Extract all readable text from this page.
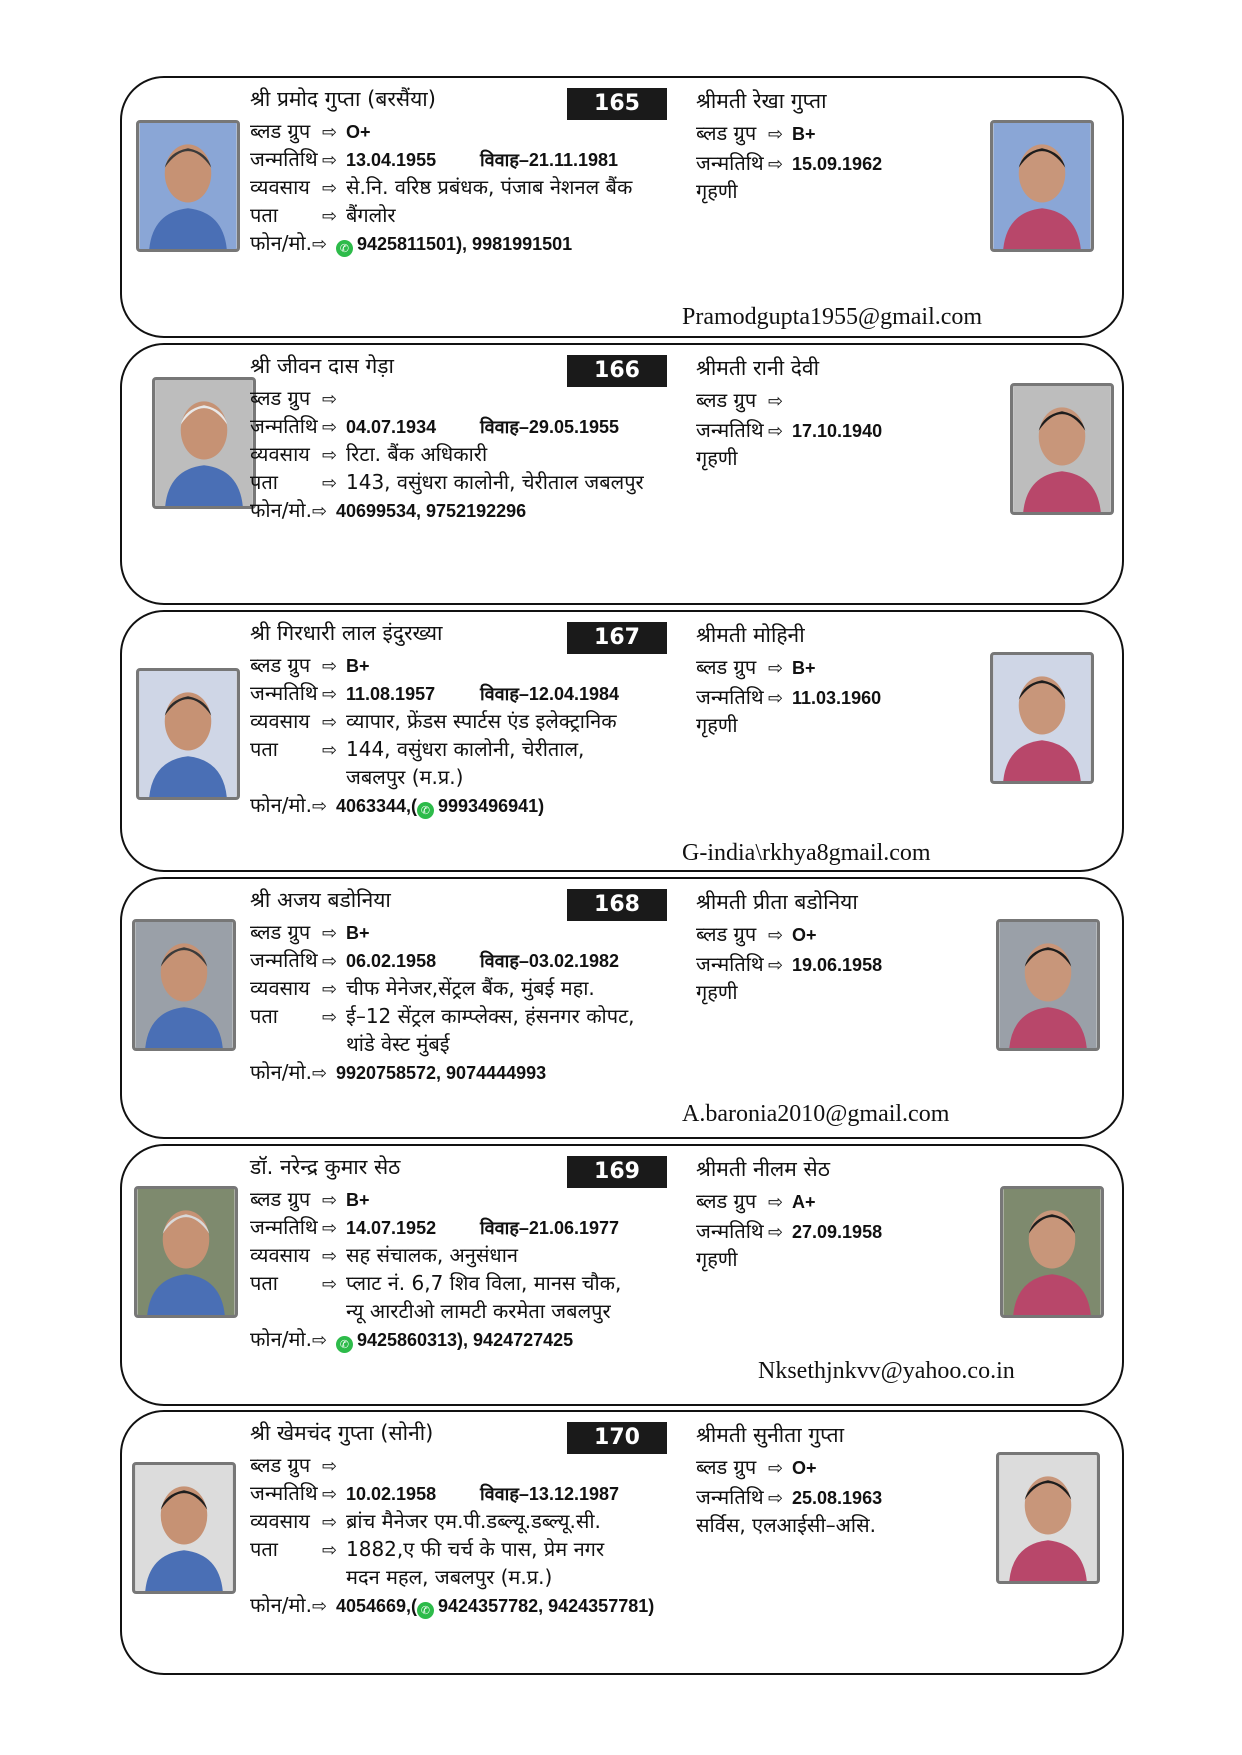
श्री प्रमोद गुप्ता (बरसैंया)	165
ब्लड ग्रुप ⇨ O+
जन्मतिथि ⇨ 13.04.1955 विवाह–21.11.1981
व्यवसाय ⇨ से.नि. वरिष्ठ प्रबंधक, पंजाब नेशनल बैंक
पता ⇨ बैंगलोर
फोन/मो.⇨ ✆ 9425811501), 9981991501
श्रीमती रेखा गुप्ता
ब्लड ग्रुप ⇨ B+
जन्मतिथि ⇨ 15.09.1962
गृहणी
Pramodgupta1955@gmail.com
श्री जीवन दास गेड़ा	166
ब्लड ग्रुप ⇨
जन्मतिथि ⇨ 04.07.1934 विवाह–29.05.1955
व्यवसाय ⇨ रिटा. बैंक अधिकारी
पता ⇨ 143, वसुंधरा कालोनी, चेरीताल जबलपुर
फोन/मो.⇨ 40699534, 9752192296
श्रीमती रानी देवी
ब्लड ग्रुप ⇨
जन्मतिथि ⇨ 17.10.1940
गृहणी
श्री गिरधारी लाल इंदुरख्या	167
ब्लड ग्रुप ⇨ B+
जन्मतिथि ⇨ 11.08.1957 विवाह–12.04.1984
व्यवसाय ⇨ व्यापार, फ्रेंडस स्पार्टस एंड इलेक्ट्रानिक
पता ⇨ 144, वसुंधरा कालोनी, चेरीताल,
जबलपुर (म.प्र.)
फोन/मो.⇨ 4063344,( ✆ 9993496941)
श्रीमती मोहिनी
ब्लड ग्रुप ⇨ B+
जन्मतिथि ⇨ 11.03.1960
गृहणी
G-india\rkhya8gmail.com
श्री अजय बडोनिया	168
ब्लड ग्रुप ⇨ B+
जन्मतिथि ⇨ 06.02.1958 विवाह–03.02.1982
व्यवसाय ⇨ चीफ मेनेजर,सेंट्रल बैंक, मुंबई महा.
पता ⇨ ई–12 सेंट्रल काम्प्लेक्स, हंसनगर कोपट,
थांडे वेस्ट मुंबई
फोन/मो.⇨ 9920758572, 9074444993
श्रीमती प्रीता बडोनिया
ब्लड ग्रुप ⇨ O+
जन्मतिथि ⇨ 19.06.1958
गृहणी
A.baronia2010@gmail.com
डॉ. नरेन्द्र कुमार सेठ	169
ब्लड ग्रुप ⇨ B+
जन्मतिथि ⇨ 14.07.1952 विवाह–21.06.1977
व्यवसाय ⇨ सह संचालक, अनुसंधान
पता ⇨ प्लाट नं. 6,7 शिव विला, मानस चौक,
न्यू आरटीओ लामटी करमेता जबलपुर
फोन/मो.⇨ ✆ 9425860313), 9424727425
श्रीमती नीलम सेठ
ब्लड ग्रुप ⇨ A+
जन्मतिथि ⇨ 27.09.1958
गृहणी
Nksethjnkvv@yahoo.co.in
श्री खेमचंद गुप्ता (सोनी)	170
ब्लड ग्रुप ⇨
जन्मतिथि ⇨ 10.02.1958 विवाह–13.12.1987
व्यवसाय ⇨ ब्रांच मैनेजर एम.पी.डब्ल्यू.डब्ल्यू.सी.
पता ⇨ 1882,ए फी चर्च के पास, प्रेम नगर
मदन महल, जबलपुर (म.प्र.)
फोन/मो.⇨ 4054669,( ✆ 9424357782, 9424357781)
श्रीमती सुनीता गुप्ता
ब्लड ग्रुप ⇨ O+
जन्मतिथि ⇨ 25.08.1963
सर्विस, एलआईसी–असि.
